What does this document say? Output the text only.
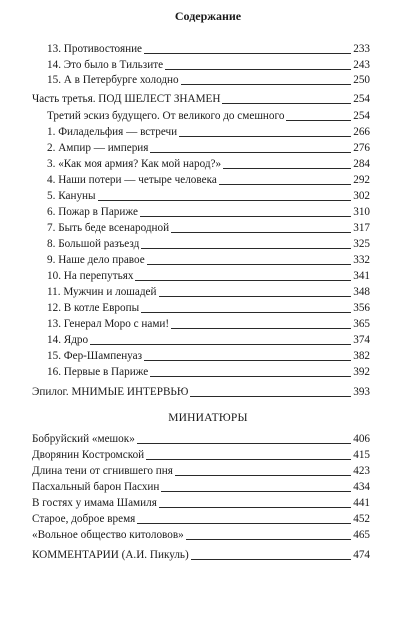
Содержание
13. Противостояние	233
14. Это было в Тильзите	243
15. А в Петербурге холодно	250
Часть третья. ПОД ШЕЛЕСТ ЗНАМЕН	254
Третий эскиз будущего. От великого до смешного	254
1. Филадельфия — встречи	266
2. Ампир — империя	276
3. «Как моя армия? Как мой народ?»	284
4. Наши потери — четыре человека	292
5. Кануны	302
6. Пожар в Париже	310
7. Быть беде всенародной	317
8. Большой разъезд	325
9. Наше дело правое	332
10. На перепутьях	341
11. Мужчин и лошадей	348
12. В котле Европы	356
13. Генерал Моро с нами!	365
14. Ядро	374
15. Фер-Шампенуаз	382
16. Первые в Париже	392
Эпилог. МНИМЫЕ ИНТЕРВЬЮ	393
Бобруйский «мешок»	406
Дворянин Костромской	415
Длина тени от сгнившего пня	423
Пасхальный барон Пасхин	434
В гостях у имама Шамиля	441
Старое, доброе время	452
«Вольное общество китоловов»	465
КОММЕНТАРИИ (А.И. Пикуль)	474
МИНИАТЮРЫ
